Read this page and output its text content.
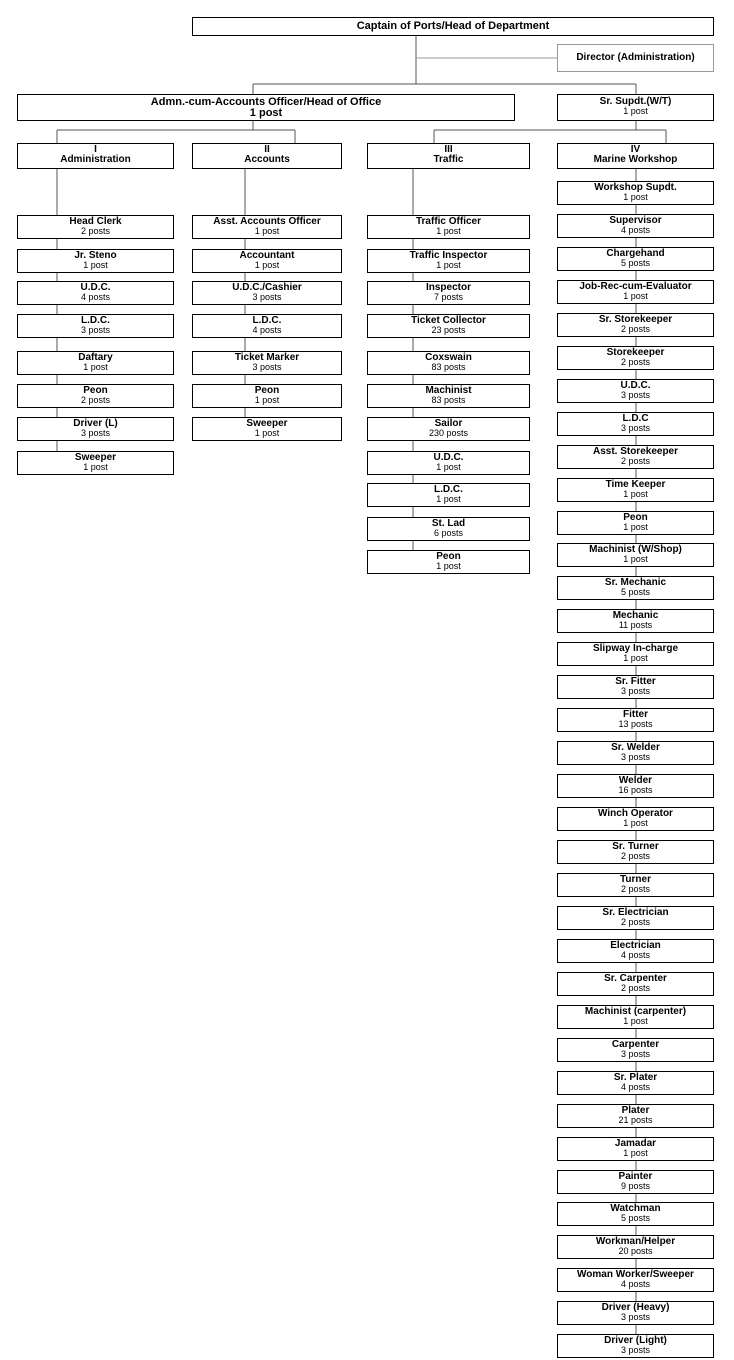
Captain of Ports/Head of Department
Director (Administration)
Admn.-cum-Accounts Officer/Head of Office
1 post
Sr. Supdt.(W/T)
1 post
I
Administration
Head Clerk
2 posts
Jr. Steno
1 post
U.D.C.
4 posts
L.D.C.
3 posts
Daftary
1 post
Peon
2 posts
Driver (L)
3 posts
Sweeper
1 post
II
Accounts
Asst. Accounts Officer
1 post
Accountant
1 post
U.D.C./Cashier
3 posts
L.D.C.
4 posts
Ticket Marker
3 posts
Peon
1 post
Sweeper
1 post
III
Traffic
Traffic Officer
1 post
Traffic Inspector
1 post
Inspector
7 posts
Ticket Collector
23 posts
Coxswain
83 posts
Machinist
83 posts
Sailor
230 posts
U.D.C.
1 post
L.D.C.
1 post
St. Lad
6 posts
Peon
1 post
IV
Marine Workshop
Workshop Supdt.
1 post
Supervisor
4 posts
Chargehand
5 posts
Job-Rec-cum-Evaluator
1 post
Sr. Storekeeper
2 posts
Storekeeper
2 posts
U.D.C.
3 posts
L.D.C
3 posts
Asst. Storekeeper
2 posts
Time Keeper
1 post
Peon
1 post
Machinist (W/Shop)
1 post
Sr. Mechanic
5 posts
Mechanic
11 posts
Slipway In-charge
1 post
Sr. Fitter
3 posts
Fitter
13 posts
Sr. Welder
3 posts
Welder
16 posts
Winch Operator
1 post
Sr. Turner
2 posts
Turner
2 posts
Sr. Electrician
2 posts
Electrician
4 posts
Sr. Carpenter
2 posts
Machinist (carpenter)
1 post
Carpenter
3 posts
Sr. Plater
4 posts
Plater
21 posts
Jamadar
1 post
Painter
9 posts
Watchman
5 posts
Workman/Helper
20 posts
Woman Worker/Sweeper
4 posts
Driver (Heavy)
3 posts
Driver (Light)
3 posts
